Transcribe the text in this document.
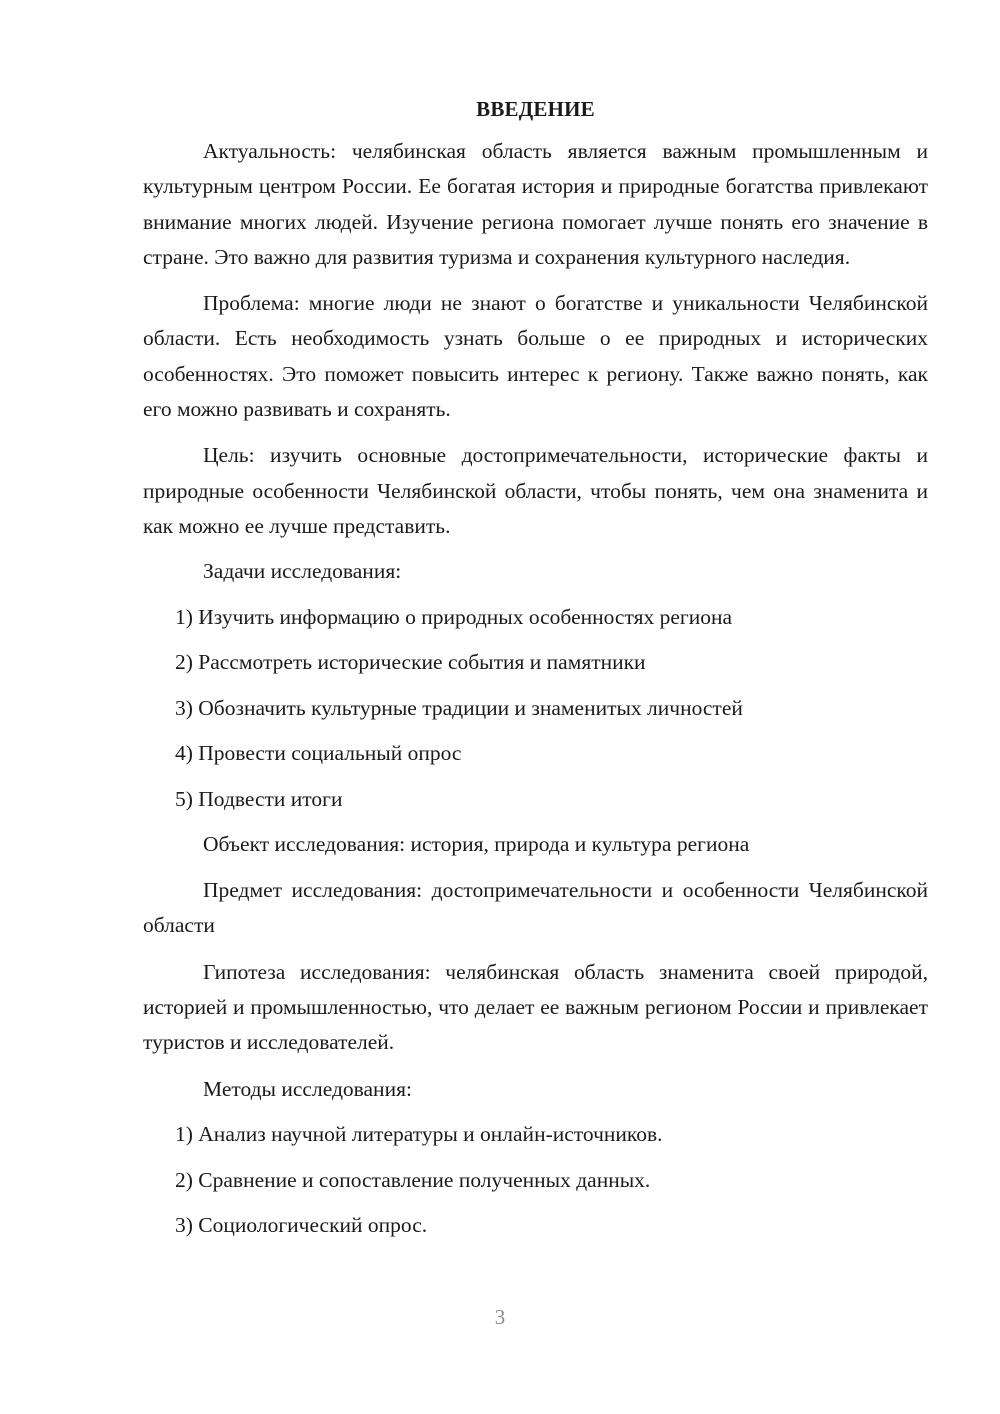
ВВЕДЕНИЕ

Актуальность: челябинская область является важным промышленным и культурным центром России. Ее богатая история и природные богатства привлекают внимание многих людей. Изучение региона помогает лучше понять его значение в стране. Это важно для развития туризма и сохранения культурного наследия.

Проблема: многие люди не знают о богатстве и уникальности Челябинской области. Есть необходимость узнать больше о ее природных и исторических особенностях. Это поможет повысить интерес к региону. Также важно понять, как его можно развивать и сохранять.

Цель: изучить основные достопримечательности, исторические факты и природные особенности Челябинской области, чтобы понять, чем она знаменита и как можно ее лучше представить.

Задачи исследования:

1) Изучить информацию о природных особенностях региона
2) Рассмотреть исторические события и памятники
3) Обозначить культурные традиции и знаменитых личностей
4) Провести социальный опрос
5) Подвести итоги

Объект исследования: история, природа и культура региона

Предмет исследования: достопримечательности и особенности Челябинской области

Гипотеза исследования: челябинская область знаменита своей природой, историей и промышленностью, что делает ее важным регионом России и привлекает туристов и исследователей.

Методы исследования:

1) Анализ научной литературы и онлайн-источников.
2) Сравнение и сопоставление полученных данных.
3) Социологический опрос.
3
